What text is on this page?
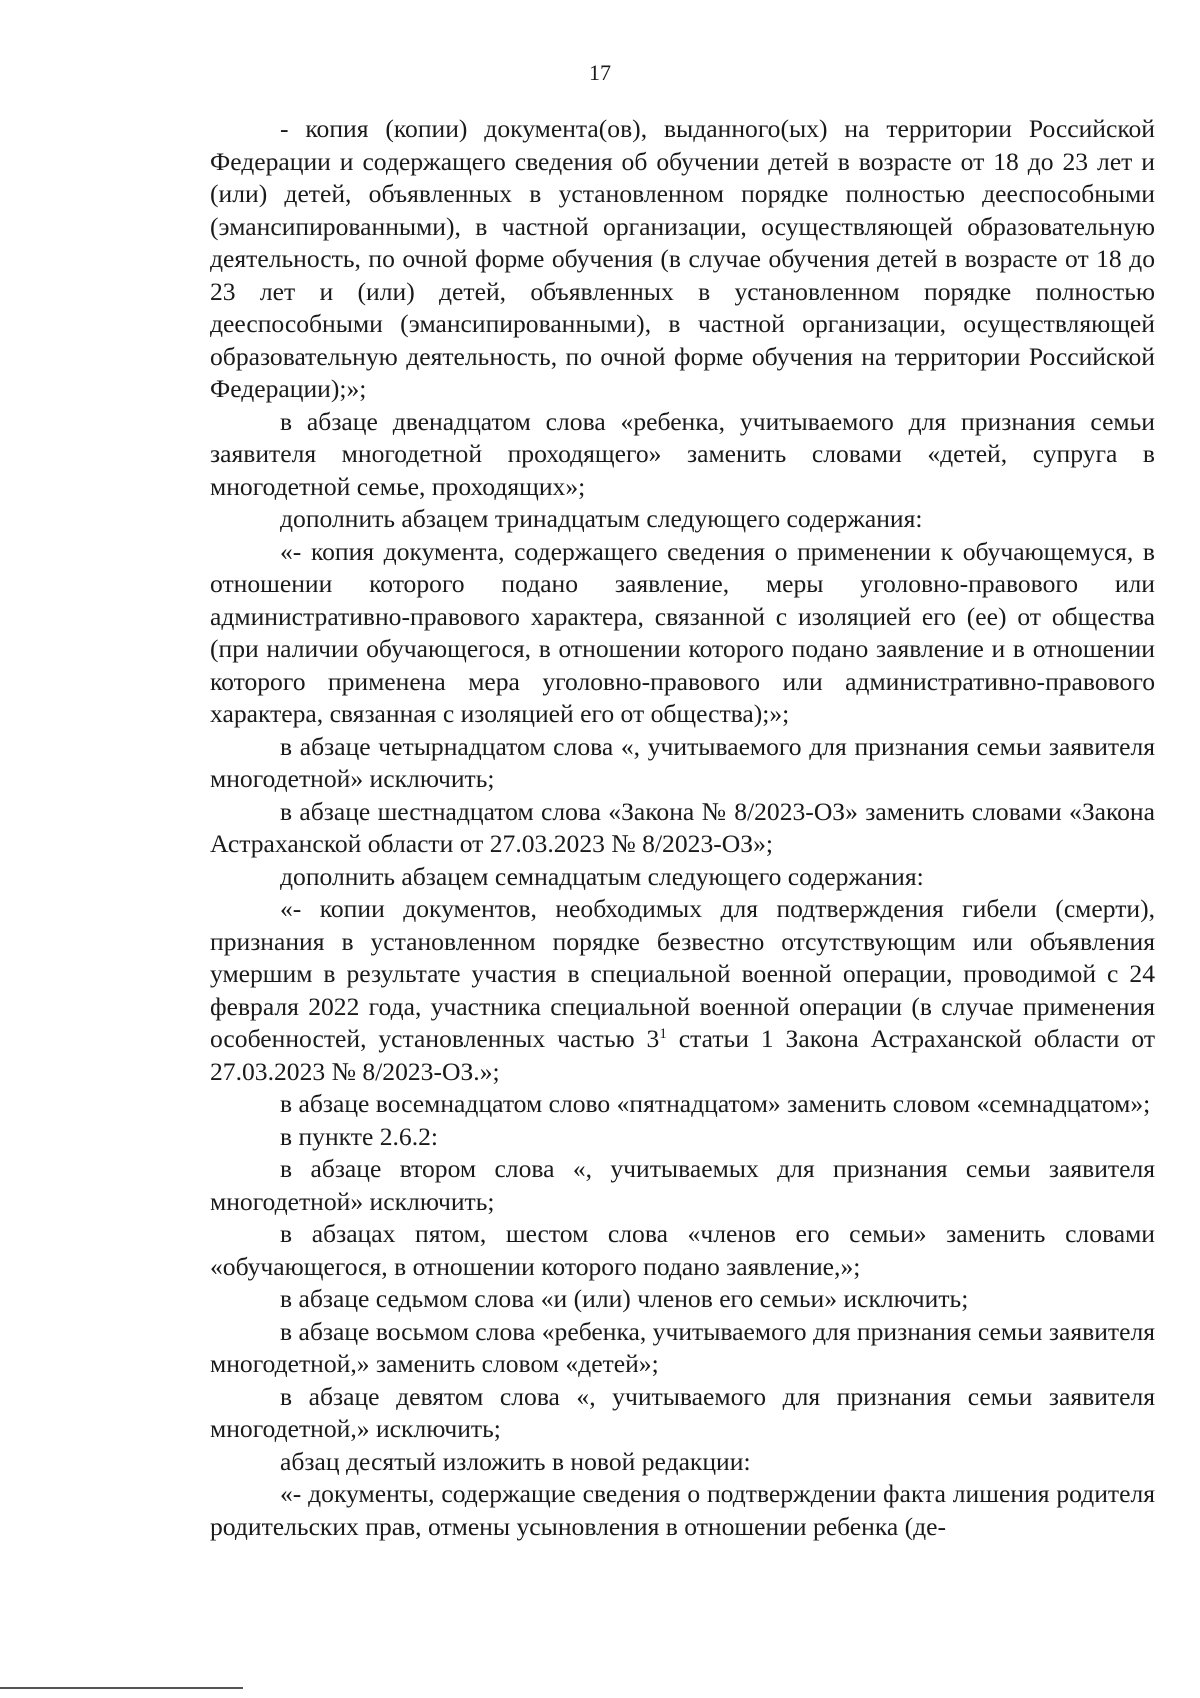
17

- копия (копии) документа(ов), выданного(ых) на территории Российской Федерации и содержащего сведения об обучении детей в возрасте от 18 до 23 лет и (или) детей, объявленных в установленном порядке полностью дееспособными (эмансипированными), в частной организации, осуществляющей образовательную деятельность, по очной форме обучения (в случае обучения детей в возрасте от 18 до 23 лет и (или) детей, объявленных в установленном порядке полностью дееспособными (эмансипированными), в частной организации, осуществляющей образовательную деятельность, по очной форме обучения на территории Российской Федерации);»;

в абзаце двенадцатом слова «ребенка, учитываемого для признания семьи заявителя многодетной проходящего» заменить словами «детей, супруга в многодетной семье, проходящих»;

дополнить абзацем тринадцатым следующего содержания:

«- копия документа, содержащего сведения о применении к обучающемуся, в отношении которого подано заявление, меры уголовно-правового или административно-правового характера, связанной с изоляцией его (ее) от общества (при наличии обучающегося, в отношении которого подано заявление и в отношении которого применена мера уголовно-правового или административно-правового характера, связанная с изоляцией его от общества);»;

в абзаце четырнадцатом слова «, учитываемого для признания семьи заявителя многодетной» исключить;

в абзаце шестнадцатом слова «Закона № 8/2023-ОЗ» заменить словами «Закона Астраханской области от 27.03.2023 № 8/2023-ОЗ»;

дополнить абзацем семнадцатым следующего содержания:

«- копии документов, необходимых для подтверждения гибели (смерти), признания в установленном порядке безвестно отсутствующим или объявления умершим в результате участия в специальной военной операции, проводимой с 24 февраля 2022 года, участника специальной военной операции (в случае применения особенностей, установленных частью $3^1$ статьи 1 Закона Астраханской области от 27.03.2023 № 8/2023-ОЗ.»;

в абзаце восемнадцатом слово «пятнадцатом» заменить словом «семнадцатом»;

в пункте 2.6.2:

в абзаце втором слова «, учитываемых для признания семьи заявителя многодетной» исключить;

в абзацах пятом, шестом слова «членов его семьи» заменить словами «обучающегося, в отношении которого подано заявление,»;

в абзаце седьмом слова «и (или) членов его семьи» исключить;

в абзаце восьмом слова «ребенка, учитываемого для признания семьи заявителя многодетной,» заменить словом «детей»;

в абзаце девятом слова «, учитываемого для признания семьи заявителя многодетной,» исключить;

абзац десятый изложить в новой редакции:

«- документы, содержащие сведения о подтверждении факта лишения родителя родительских прав, отмены усыновления в отношении ребенка (де-
